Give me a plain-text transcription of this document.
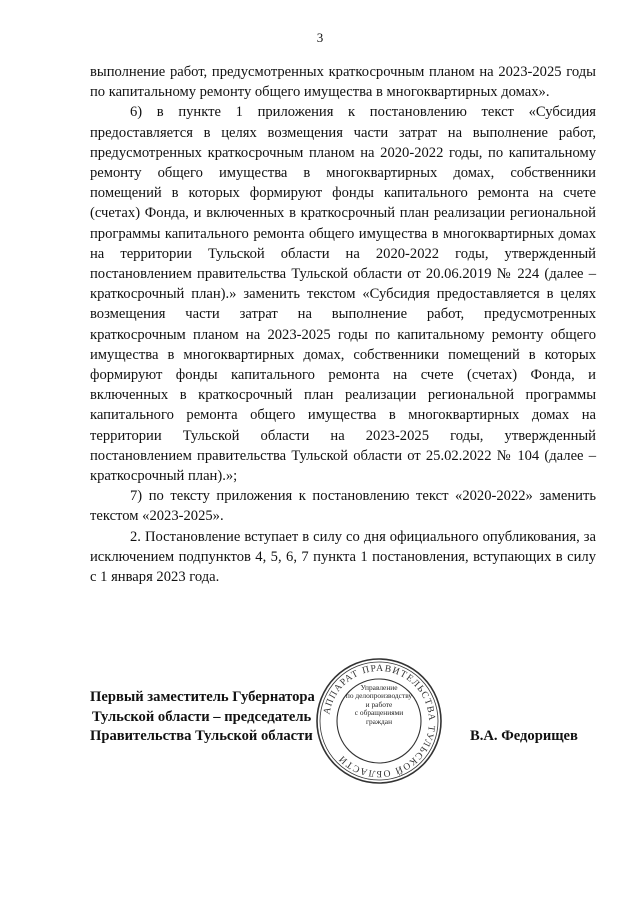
3

выполнение работ, предусмотренных краткосрочным планом на 2023-2025 годы по капитальному ремонту общего имущества в многоквартирных домах».

6) в пункте 1 приложения к постановлению текст «Субсидия предоставляется в целях возмещения части затрат на выполнение работ, предусмотренных краткосрочным планом на 2020-2022 годы, по капитальному ремонту общего имущества в многоквартирных домах, собственники помещений в которых формируют фонды капитального ремонта на счете (счетах) Фонда, и включенных в краткосрочный план реализации региональной программы капитального ремонта общего имущества в многоквартирных домах на территории Тульской области на 2020-2022 годы, утвержденный постановлением правительства Тульской области от 20.06.2019 № 224 (далее – краткосрочный план).» заменить текстом «Субсидия предоставляется в целях возмещения части затрат на выполнение работ, предусмотренных краткосрочным планом на 2023-2025 годы по капитальному ремонту общего имущества в многоквартирных домах, собственники помещений в которых формируют фонды капитального ремонта на счете (счетах) Фонда, и включенных в краткосрочный план реализации региональной программы капитального ремонта общего имущества в многоквартирных домах на территории Тульской области на 2023-2025 годы, утвержденный постановлением правительства Тульской области от 25.02.2022 № 104 (далее – краткосрочный план).»;

7) по тексту приложения к постановлению текст «2020-2022» заменить текстом «2023-2025».

2. Постановление вступает в силу со дня официального опубликования, за исключением подпунктов 4, 5, 6, 7 пункта 1 постановления, вступающих в силу с 1 января 2023 года.

Первый заместитель Губернатора
Тульской области – председатель
Правительства Тульской области	В.А. Федорищев
АППАРАТ ПРАВИТЕЛЬСТВА ТУЛЬСКОЙ ОБЛАСТИ
Управление
по делопроизводству
и работе
с обращениями
граждан
